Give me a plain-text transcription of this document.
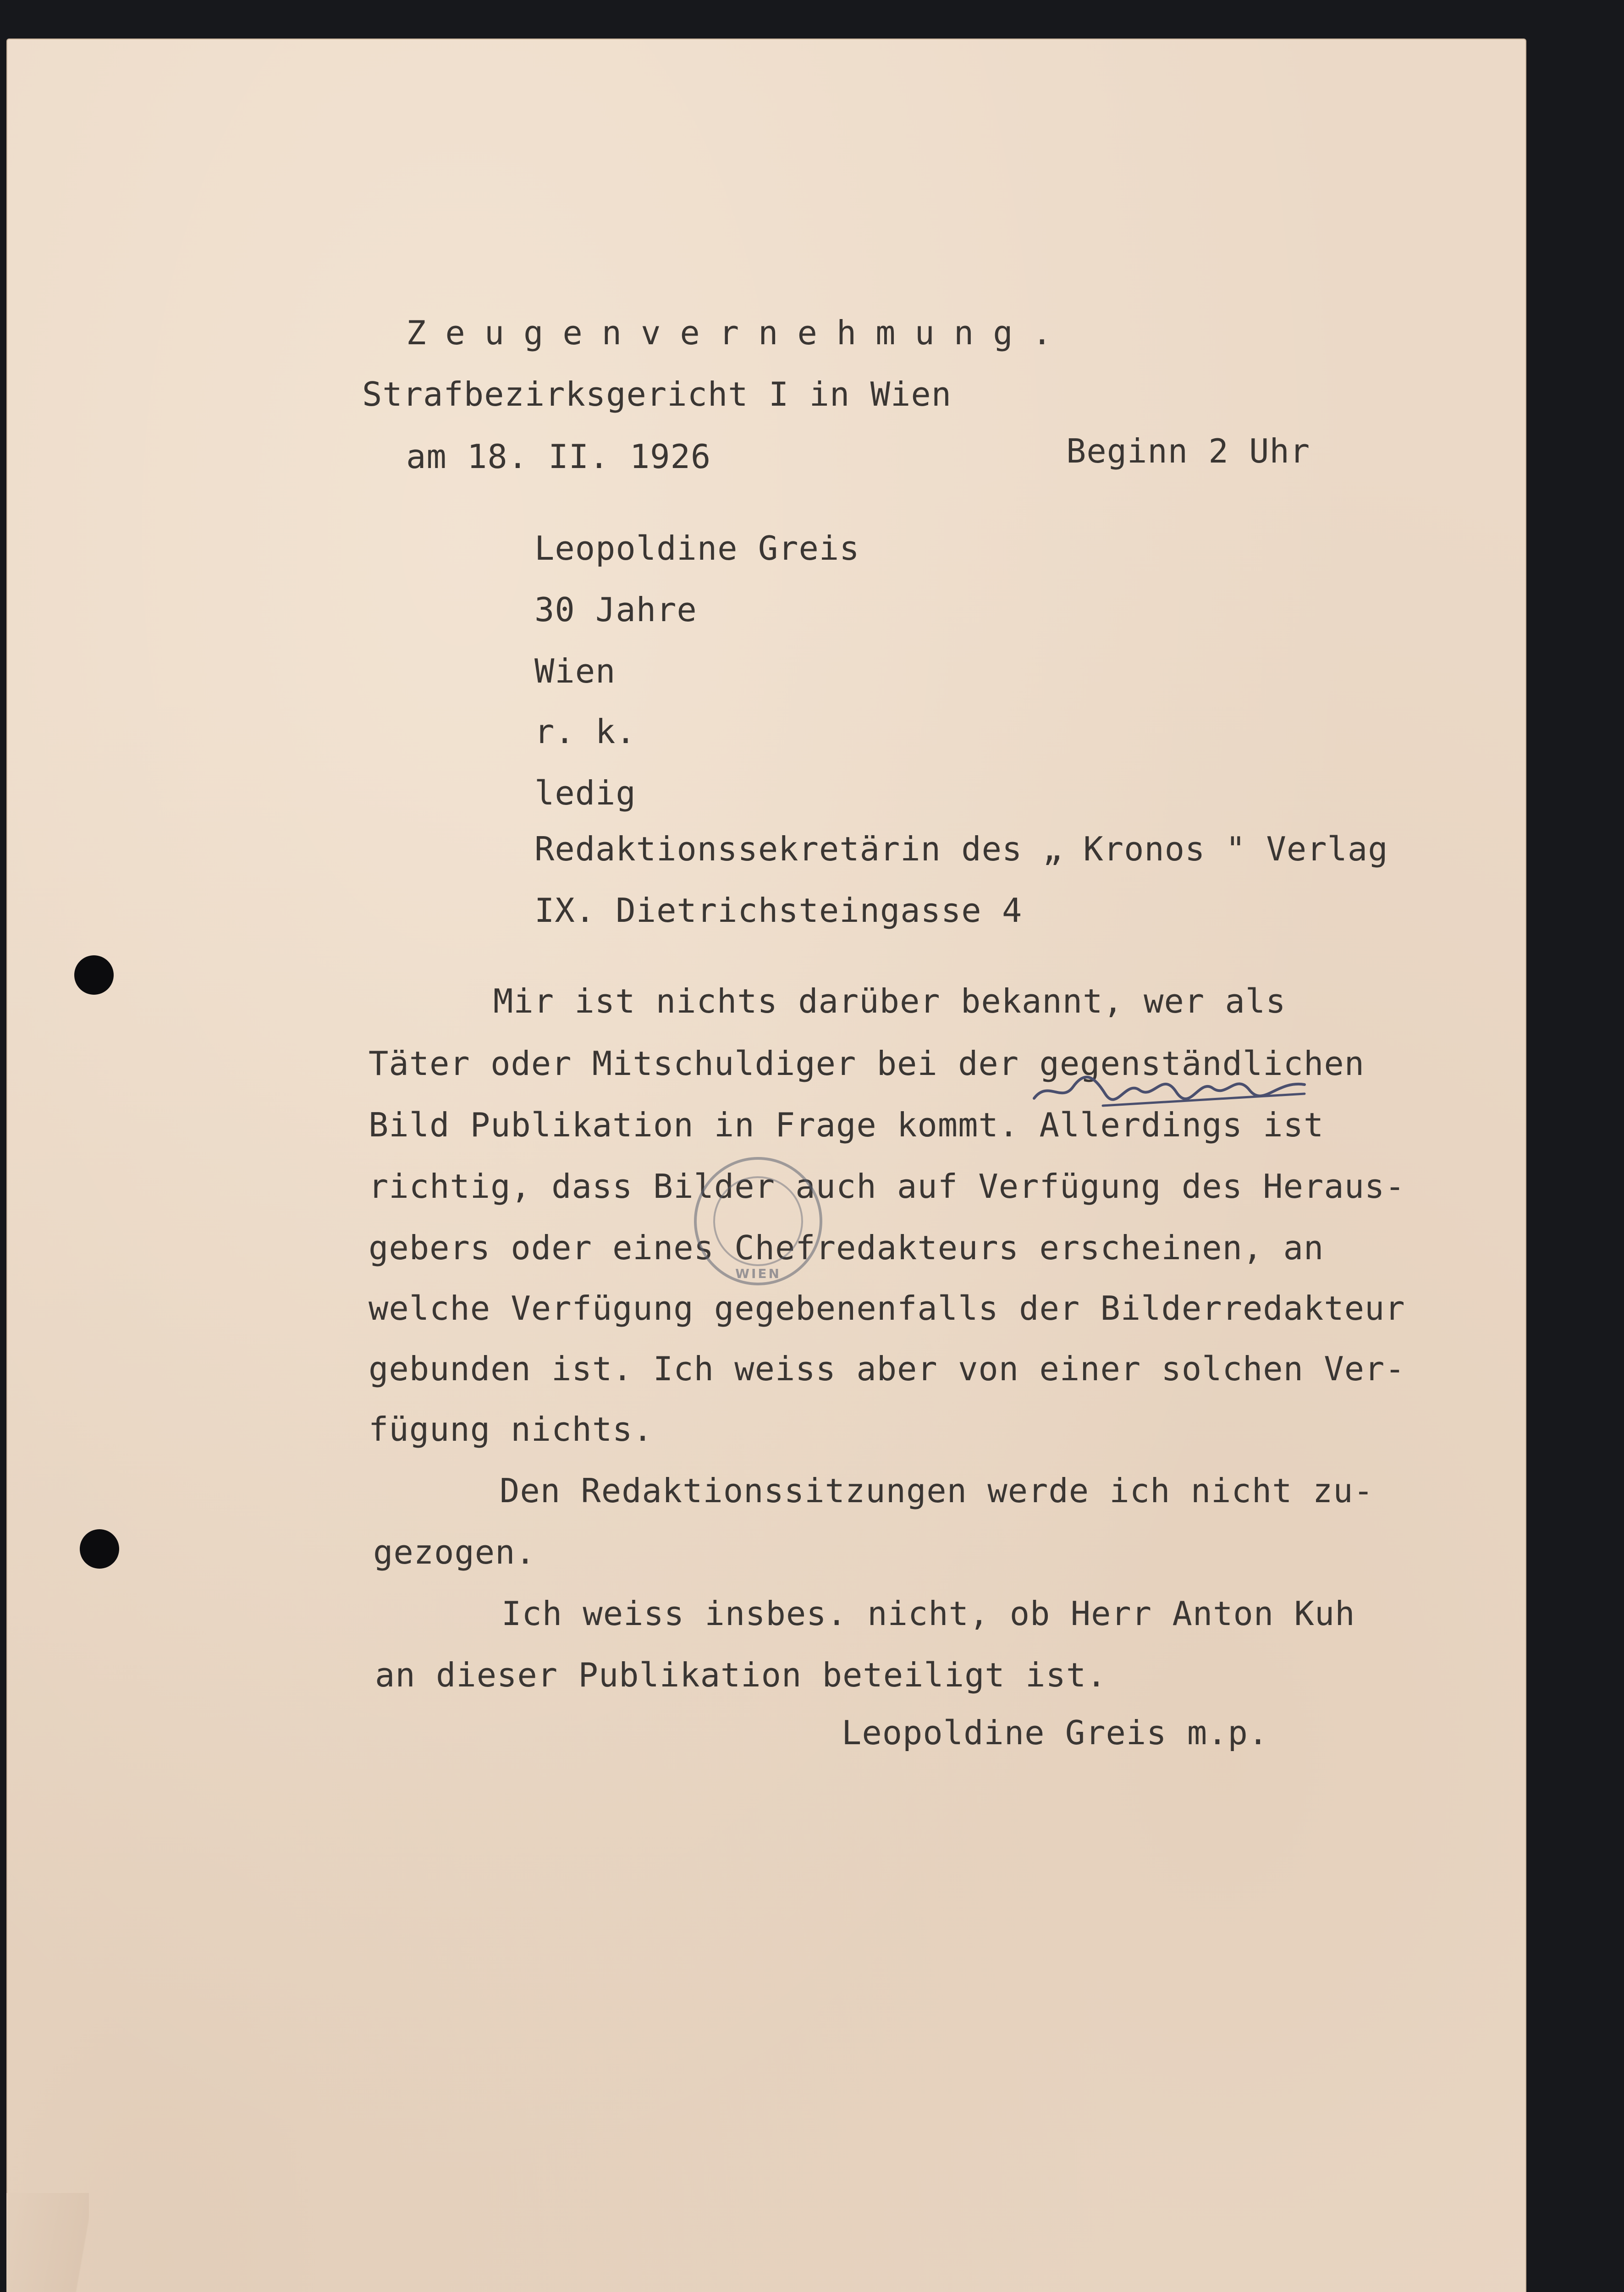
Zeugenvernehmung.
Strafbezirksgericht I in Wien
am 18. II. 1926	Beginn 2 Uhr
Leopoldine Greis
30 Jahre
Wien
r. k.
ledig
Redaktionssekretärin des „ Kronos " Verlag
IX. Dietrichsteingasse 4
Mir ist nichts darüber bekannt, wer als
Täter oder Mitschuldiger bei der gegenständlichen
Bild Publikation in Frage kommt. Allerdings ist
richtig, dass Bilder auch auf Verfügung des Heraus-
gebers oder eines Chefredakteurs erscheinen, an
welche Verfügung gegebenenfalls der Bilderredakteur
gebunden ist. Ich weiss aber von einer solchen Ver-
fügung nichts.
Den Redaktionssitzungen werde ich nicht zu-
gezogen.
Ich weiss insbes. nicht, ob Herr Anton Kuh
an dieser Publikation beteiligt ist.
Leopoldine Greis m.p.
WIEN
